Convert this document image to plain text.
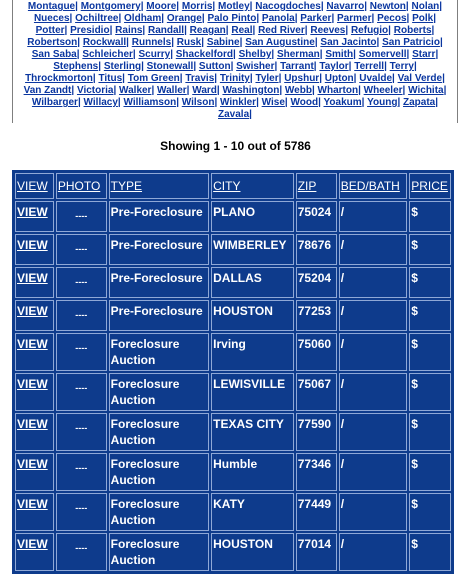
Montague| Montgomery| Moore| Morris| Motley| Nacogdoches| Navarro| Newton| Nolan|
Nueces| Ochiltree| Oldham| Orange| Palo Pinto| Panola| Parker| Parmer| Pecos| Polk|
Potter| Presidio| Rains| Randall| Reagan| Real| Red River| Reeves| Refugio| Roberts|
Robertson| Rockwall| Runnels| Rusk| Sabine| San Augustine| San Jacinto| San Patricio|
San Saba| Schleicher| Scurry| Shackelford| Shelby| Sherman| Smith| Somervell| Starr|
Stephens| Sterling| Stonewall| Sutton| Swisher| Tarrant| Taylor| Terrell| Terry|
Throckmorton| Titus| Tom Green| Travis| Trinity| Tyler| Upshur| Upton| Uvalde| Val Verde|
Van Zandt| Victoria| Walker| Waller| Ward| Washington| Webb| Wharton| Wheeler| Wichita|
Wilbarger| Willacy| Williamson| Wilson| Winkler| Wise| Wood| Yoakum| Young| Zapata|
Zavala|
Showing 1 - 10 out of 5786
VIEW	PHOTO	TYPE	CITY	ZIP	BED/BATH	PRICE
VIEW	----	Pre-Foreclosure	PLANO	75024	/	$
VIEW	----	Pre-Foreclosure	WIMBERLEY	78676	/	$
VIEW	----	Pre-Foreclosure	DALLAS	75204	/	$
VIEW	----	Pre-Foreclosure	HOUSTON	77253	/	$
VIEW	----	Foreclosure Auction	Irving	75060	/	$
VIEW	----	Foreclosure Auction	LEWISVILLE	75067	/	$
VIEW	----	Foreclosure Auction	TEXAS CITY	77590	/	$
VIEW	----	Foreclosure Auction	Humble	77346	/	$
VIEW	----	Foreclosure Auction	KATY	77449	/	$
VIEW	----	Foreclosure Auction	HOUSTON	77014	/	$
